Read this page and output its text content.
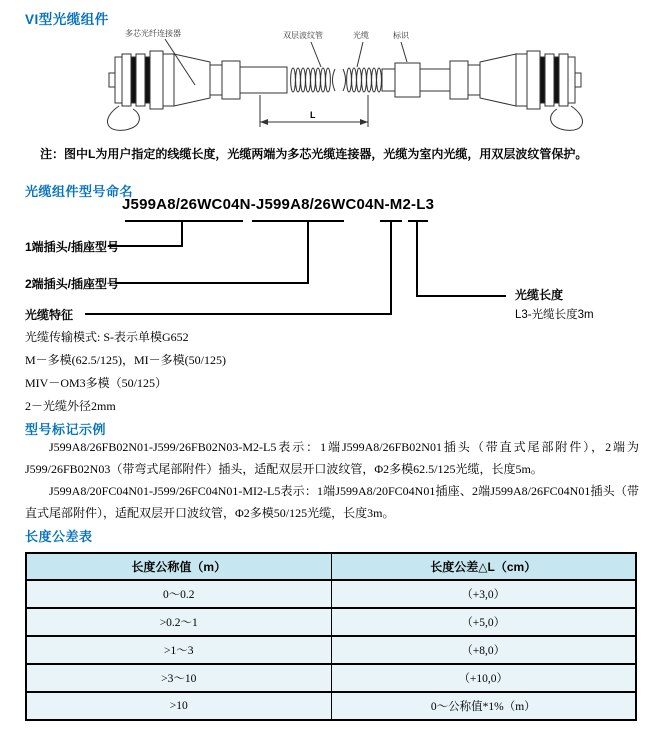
VI型光缆组件
多芯光纤连接器	双层波纹管	光缆	标识
L
注：图中L为用户指定的线缆长度，光缆两端为多芯光缆连接器，光缆为室内光缆，用双层波纹管保护。
光缆组件型号命名
J599A8/26WC04N-J599A8/26WC04N-M2-L3
1端插头/插座型号
2端插头/插座型号
光缆特征
光缆长度
L3-光缆长度3m
光缆传输模式: S-表示单模G652
M－多模(62.5/125)，MI－多模(50/125)
MIV－OM3多模（50/125）
2－光缆外径2mm
型号标记示例

J599A8/26FB02N01-J599/26FB02N03-M2-L5表示：1端J599A8/26FB02N01插头（带直式尾部附件），2端为J599/26FB02N03（带弯式尾部附件）插头，适配双层开口波纹管，Φ2多模62.5/125光缆，长度5m。

J599A8/20FC04N01-J599/26FC04N01-MI2-L5表示：1端J599A8/20FC04N01插座、2端J599A8/26FC04N01插头（带直式尾部附件），适配双层开口波纹管，Φ2多模50/125光缆，长度3m。

长度公差表
长度公称值（m）	长度公差△L（cm）
0～0.2	（+3,0）
>0.2～1	（+5,0）
>1～3	（+8,0）
>3～10	（+10,0）
>10	0～公称值*1%（m）
